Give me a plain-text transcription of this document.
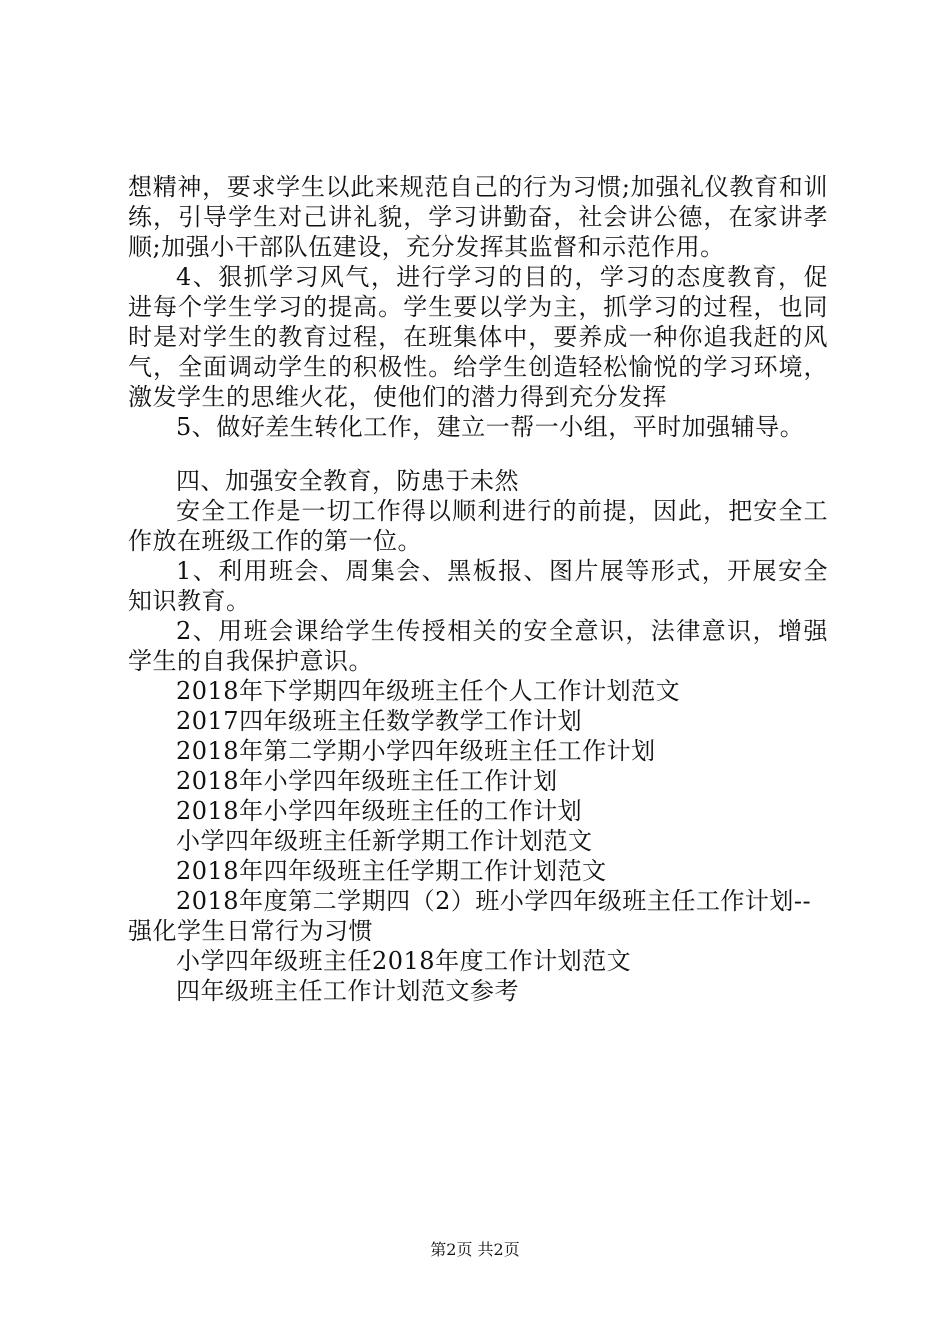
想精神，要求学生以此来规范自己的行为习惯;加强礼仪教育和训练，引导学生对己讲礼貌，学习讲勤奋，社会讲公德，在家讲孝顺;加强小干部队伍建设，充分发挥其监督和示范作用。

4、狠抓学习风气，进行学习的目的，学习的态度教育，促进每个学生学习的提高。学生要以学为主，抓学习的过程，也同时是对学生的教育过程，在班集体中，要养成一种你追我赶的风气，全面调动学生的积极性。给学生创造轻松愉悦的学习环境，激发学生的思维火花，使他们的潜力得到充分发挥

5、做好差生转化工作，建立一帮一小组，平时加强辅导。

四、加强安全教育，防患于未然

安全工作是一切工作得以顺利进行的前提，因此，把安全工作放在班级工作的第一位。

1、利用班会、周集会、黑板报、图片展等形式，开展安全知识教育。

2、用班会课给学生传授相关的安全意识，法律意识，增强学生的自我保护意识。

2018年下学期四年级班主任个人工作计划范文

2017四年级班主任数学教学工作计划

2018年第二学期小学四年级班主任工作计划

2018年小学四年级班主任工作计划

2018年小学四年级班主任的工作计划

小学四年级班主任新学期工作计划范文

2018年四年级班主任学期工作计划范文

2018年度第二学期四（2）班小学四年级班主任工作计划--强化学生日常行为习惯

小学四年级班主任2018年度工作计划范文

四年级班主任工作计划范文参考

第2页 共2页
